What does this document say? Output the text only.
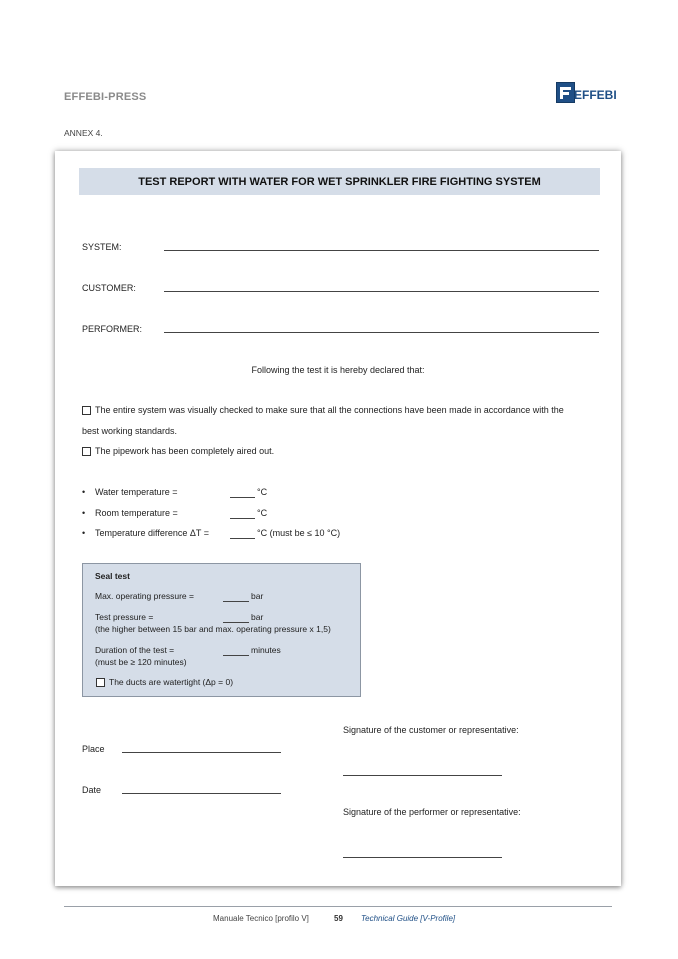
EFFEBI-PRESS	EFFEBI
ANNEX 4.
TEST REPORT WITH WATER FOR WET SPRINKLER FIRE FIGHTING SYSTEM
SYSTEM:
CUSTOMER:
PERFORMER:
Following the test it is hereby declared that:
The entire system was visually checked to make sure that all the connections have been made in accordance with the
best working standards.
The pipework has been completely aired out.
• Water temperature =	°C
• Room temperature =	°C
• Temperature difference ΔT =	°C (must be ≤ 10 °C)
Seal test
Max. operating pressure =	bar
Test pressure =	bar
(the higher between 15 bar and max. operating pressure x 1,5)
Duration of the test =	minutes
(must be ≥ 120 minutes)
The ducts are watertight (Δp = 0)
Place
Date
Signature of the customer or representative:
Signature of the performer or representative:
Manuale Tecnico [profilo V]	59 Technical Guide [V-Profile]
